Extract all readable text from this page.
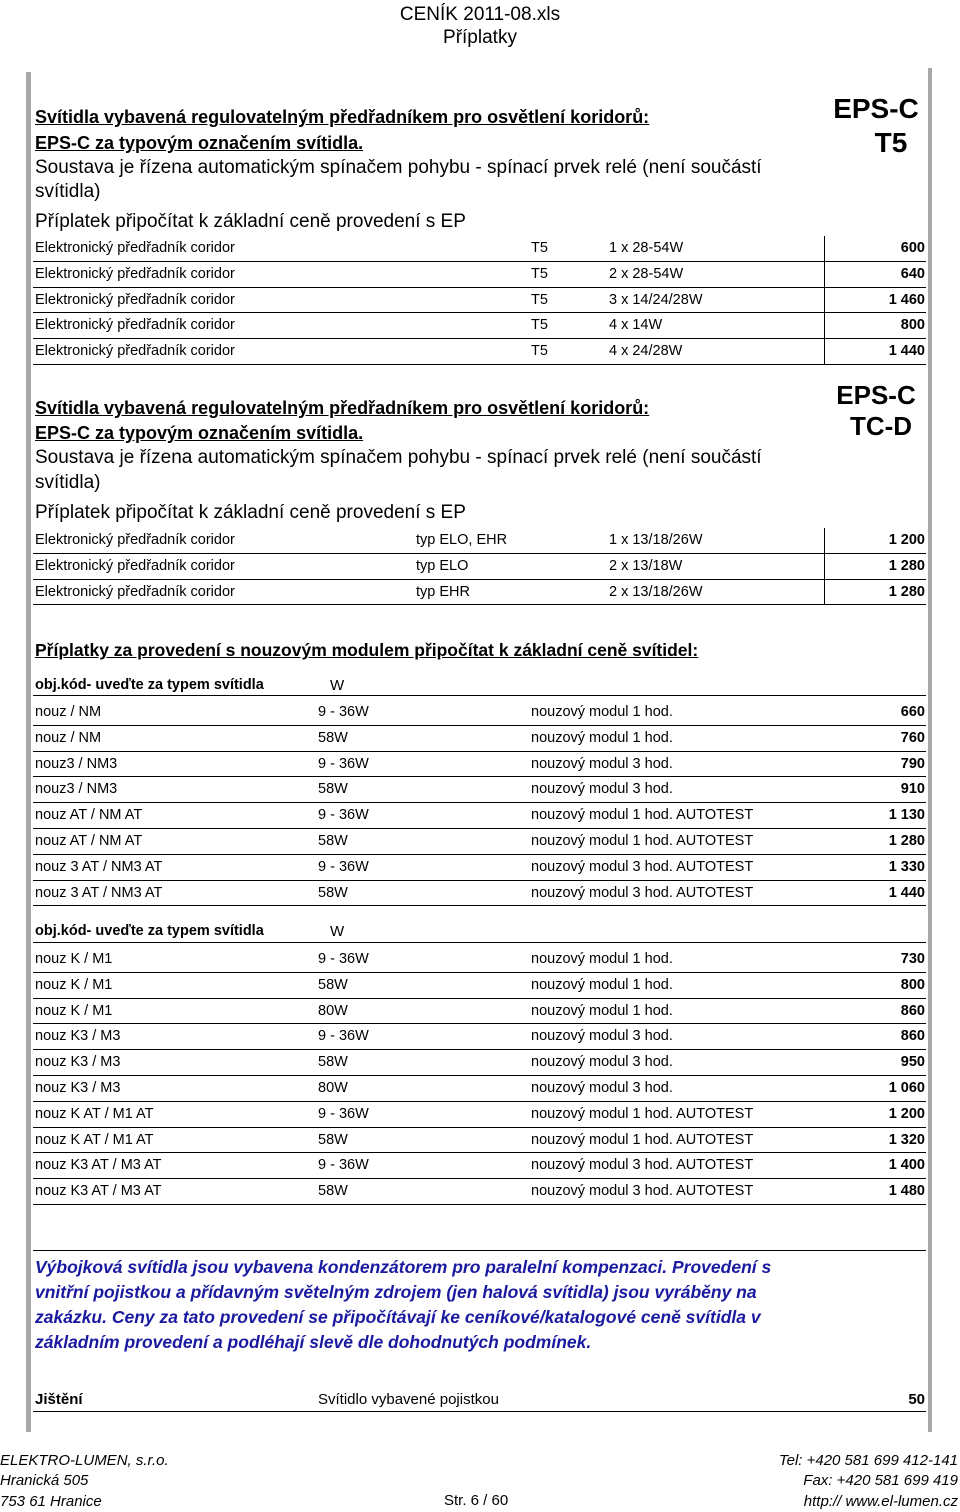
CENÍK 2011-08.xls
Příplatky
Svítidla vybavená regulovatelným předřadníkem pro osvětlení koridorů:
EPS-C za typovým označením svítidla.
Soustava je řízena automatickým spínačem pohybu - spínací prvek relé (není součástí
svítidla)
Příplatek připočítat k základní ceně provedení s EP
EPS-C
T5
Elektronický předřadník coridor	T5	1 x 28-54W	600
Elektronický předřadník coridor	T5	2 x 28-54W	640
Elektronický předřadník coridor	T5	3 x 14/24/28W	1 460
Elektronický předřadník coridor	T5	4 x 14W	800
Elektronický předřadník coridor	T5	4 x 24/28W	1 440
Svítidla vybavená regulovatelným předřadníkem pro osvětlení koridorů:
EPS-C za typovým označením svítidla.
Soustava je řízena automatickým spínačem pohybu - spínací prvek relé (není součástí
svítidla)
Příplatek připočítat k základní ceně provedení s EP
EPS-C
TC-D
Elektronický předřadník coridor	typ ELO, EHR	1 x 13/18/26W	1 200
Elektronický předřadník coridor	typ ELO	2 x 13/18W	1 280
Elektronický předřadník coridor	typ EHR	2 x 13/18/26W	1 280
Příplatky za provedení s nouzovým modulem připočítat k základní ceně svítidel:
obj.kód- uveďte za typem svítidla	W
nouz / NM	9 - 36W	nouzový modul 1 hod.	660
nouz / NM	58W	nouzový modul 1 hod.	760
nouz3 / NM3	9 - 36W	nouzový modul 3 hod.	790
nouz3 / NM3	58W	nouzový modul 3 hod.	910
nouz AT / NM AT	9 - 36W	nouzový modul 1 hod. AUTOTEST	1 130
nouz AT / NM AT	58W	nouzový modul 1 hod. AUTOTEST	1 280
nouz 3 AT / NM3 AT	9 - 36W	nouzový modul 3 hod. AUTOTEST	1 330
nouz 3 AT / NM3 AT	58W	nouzový modul 3 hod. AUTOTEST	1 440
obj.kód- uveďte za typem svítidla	W
nouz K / M1	9 - 36W	nouzový modul 1 hod.	730
nouz K / M1	58W	nouzový modul 1 hod.	800
nouz K / M1	80W	nouzový modul 1 hod.	860
nouz K3 / M3	9 - 36W	nouzový modul 3 hod.	860
nouz K3 / M3	58W	nouzový modul 3 hod.	950
nouz K3 / M3	80W	nouzový modul 3 hod.	1 060
nouz K AT / M1 AT	9 - 36W	nouzový modul 1 hod. AUTOTEST	1 200
nouz K AT / M1 AT	58W	nouzový modul 1 hod. AUTOTEST	1 320
nouz K3 AT / M3 AT	9 - 36W	nouzový modul 3 hod. AUTOTEST	1 400
nouz K3 AT / M3 AT	58W	nouzový modul 3 hod. AUTOTEST	1 480
Výbojková svítidla jsou vybavena kondenzátorem pro paralelní kompenzaci. Provedení s
vnitřní pojistkou a přídavným světelným zdrojem (jen halová svítidla) jsou vyráběny na
zakázku. Ceny za tato provedení se připočítávají ke ceníkové/katalogové ceně svítidla v
základním provedení a podléhají slevě dle dohodnutých podmínek.
Jištění	Svítidlo vybavené pojistkou	50
ELEKTRO-LUMEN, s.r.o.
Hranická 505
753 61 Hranice	Str. 6 / 60
Tel: +420 581 699 412-141
Fax: +420 581 699 419
http:// www.el-lumen.cz
